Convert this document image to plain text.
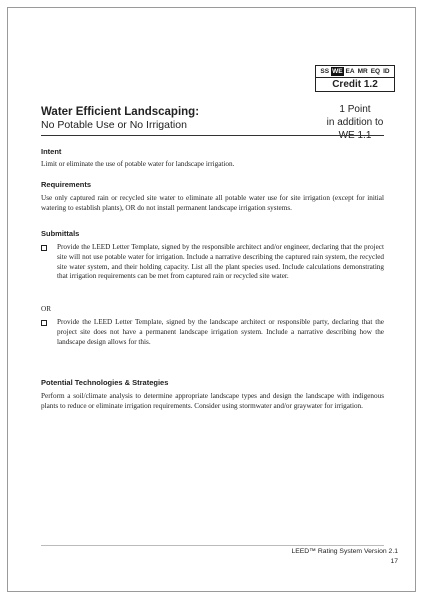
SS WE EA MR EQ ID
Credit 1.2
Water Efficient Landscaping:
No Potable Use or No Irrigation
1 Point
in addition to
Intent
Limit or eliminate the use of potable water for landscape irrigation.
Requirements
Use only captured rain or recycled site water to eliminate all potable water use for site irrigation (except for initial watering to establish plants), OR do not install permanent landscape irrigation systems.
Submittals
Provide the LEED Letter Template, signed by the responsible architect and/or engineer, declaring that the project site will not use potable water for irrigation. Include a narrative describing the captured rain system, the recycled site water system, and their holding capacity. List all the plant species used. Include calculations demonstrating that irrigation requirements can be met from captured rain or recycled site water.
OR
Provide the LEED Letter Template, signed by the landscape architect or responsible party, declaring that the project site does not have a permanent landscape irrigation system. Include a narrative describing how the landscape design allows for this.
Potential Technologies & Strategies
Perform a soil/climate analysis to determine appropriate landscape types and design the landscape with indigenous plants to reduce or eliminate irrigation requirements. Consider using stormwater and/or graywater for irrigation.
LEED™ Rating System Version 2.1
17
